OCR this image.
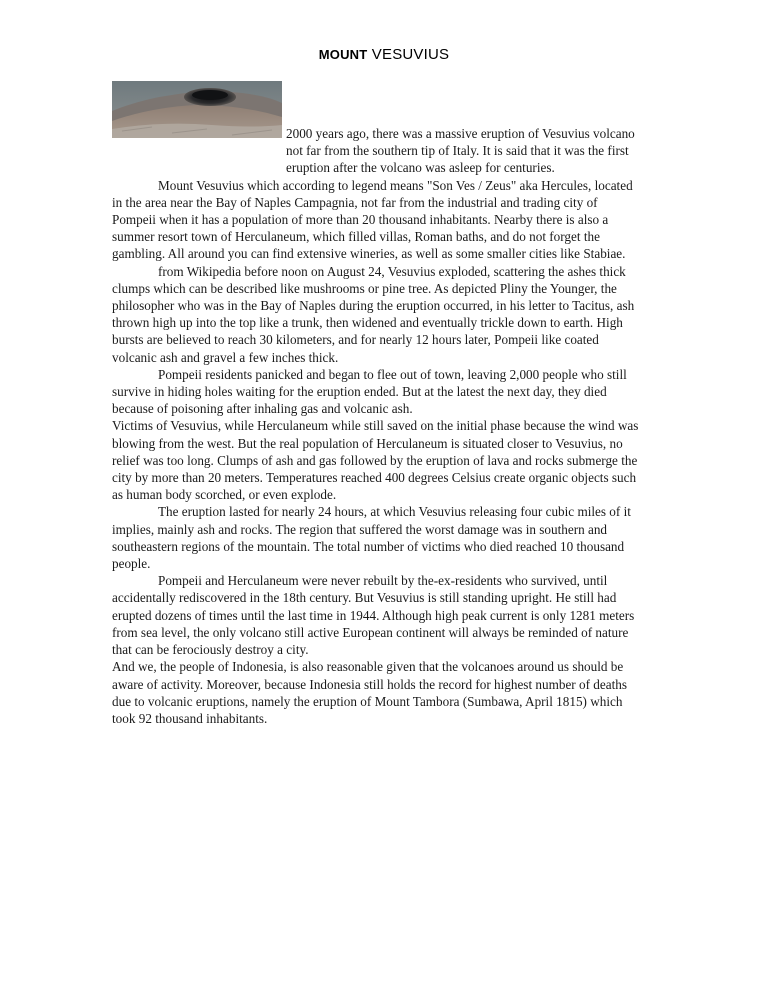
MOUNT VESUVIUS

2000 years ago, there was a massive eruption of Vesuvius volcano not far from the southern tip of Italy. It is said that it was the first eruption after the volcano was asleep for centuries.

Mount Vesuvius which according to legend means "Son Ves / Zeus" aka Hercules, located in the area near the Bay of Naples Campagnia, not far from the industrial and trading city of Pompeii when it has a population of more than 20 thousand inhabitants. Nearby there is also a summer resort town of Herculaneum, which filled villas, Roman baths, and do not forget the gambling. All around you can find extensive wineries, as well as some smaller cities like Stabiae.

from Wikipedia before noon on August 24, Vesuvius exploded, scattering the ashes thick clumps which can be described like mushrooms or pine tree. As depicted Pliny the Younger, the philosopher who was in the Bay of Naples during the eruption occurred, in his letter to Tacitus, ash thrown high up into the top like a trunk, then widened and eventually trickle down to earth. High bursts are believed to reach 30 kilometers, and for nearly 12 hours later, Pompeii like coated volcanic ash and gravel a few inches thick.

Pompeii residents panicked and began to flee out of town, leaving 2,000 people who still survive in hiding holes waiting for the eruption ended. But at the latest the next day, they died because of poisoning after inhaling gas and volcanic ash.

Victims of Vesuvius, while Herculaneum while still saved on the initial phase because the wind was blowing from the west. But the real population of Herculaneum is situated closer to Vesuvius, no relief was too long. Clumps of ash and gas followed by the eruption of lava and rocks submerge the city by more than 20 meters. Temperatures reached 400 degrees Celsius create organic objects such as human body scorched, or even explode.

The eruption lasted for nearly 24 hours, at which Vesuvius releasing four cubic miles of it implies, mainly ash and rocks. The region that suffered the worst damage was in southern and southeastern regions of the mountain. The total number of victims who died reached 10 thousand people.

Pompeii and Herculaneum were never rebuilt by the-ex-residents who survived, until accidentally rediscovered in the 18th century. But Vesuvius is still standing upright. He still had erupted dozens of times until the last time in 1944. Although high peak current is only 1281 meters from sea level, the only volcano still active European continent will always be reminded of nature that can be ferociously destroy a city.

And we, the people of Indonesia, is also reasonable given that the volcanoes around us should be aware of activity. Moreover, because Indonesia still holds the record for highest number of deaths due to volcanic eruptions, namely the eruption of Mount Tambora (Sumbawa, April 1815) which took 92 thousand inhabitants.
